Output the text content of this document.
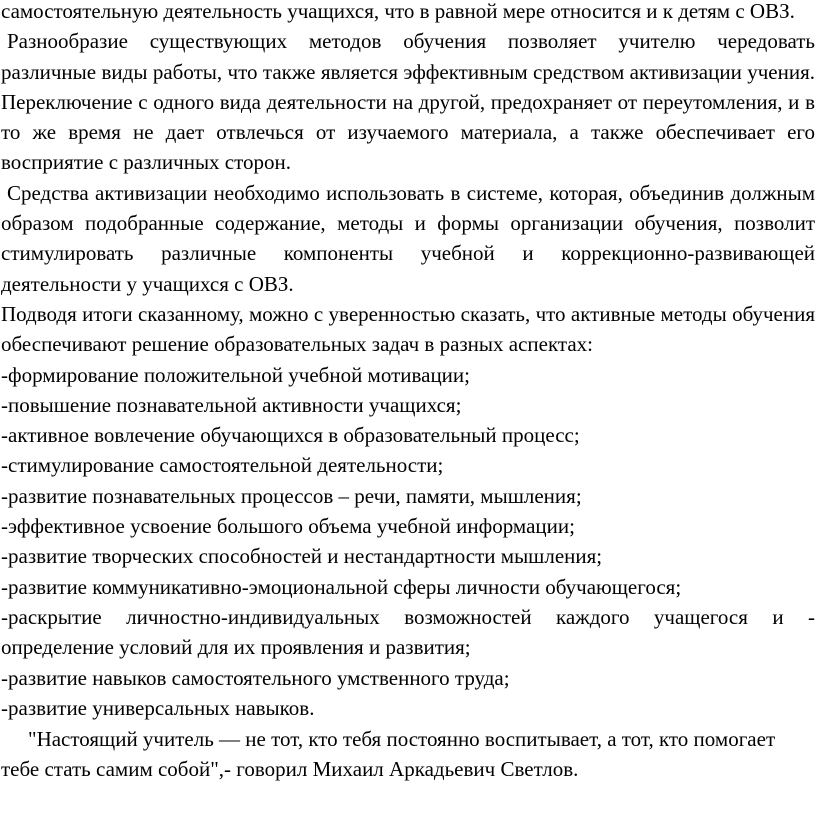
самостоятельную деятельность учащихся, что в равной мере относится и к детям с ОВЗ.

Разнообразие существующих методов обучения позволяет учителю чередовать различные виды работы, что также является эффективным средством активизации учения. Переключение с одного вида деятельности на другой, предохраняет от переутомления, и в то же время не дает отвлечься от изучаемого материала, а также обеспечивает его восприятие с различных сторон.

Средства активизации необходимо использовать в системе, которая, объединив должным образом подобранные содержание, методы и формы организации обучения, позволит стимулировать различные компоненты учебной и коррекционно-развивающей деятельности у учащихся с ОВЗ.

Подводя итоги сказанному, можно с уверенностью сказать, что активные методы обучения обеспечивают решение образовательных задач в разных аспектах:

-формирование положительной учебной мотивации;

-повышение познавательной активности учащихся;

-активное вовлечение обучающихся в образовательный процесс;

-стимулирование самостоятельной деятельности;

-развитие познавательных процессов – речи, памяти, мышления;

-эффективное усвоение большого объема учебной информации;

-развитие творческих способностей и нестандартности мышления;

-развитие коммуникативно-эмоциональной сферы личности обучающегося;

-раскрытие личностно-индивидуальных возможностей каждого учащегося и - определение условий для их проявления и развития;

-развитие навыков самостоятельного умственного труда;

-развитие универсальных навыков.

"Настоящий учитель — не тот, кто тебя постоянно воспитывает, а тот, кто помогает тебе стать самим собой",- говорил Михаил Аркадьевич Светлов.
